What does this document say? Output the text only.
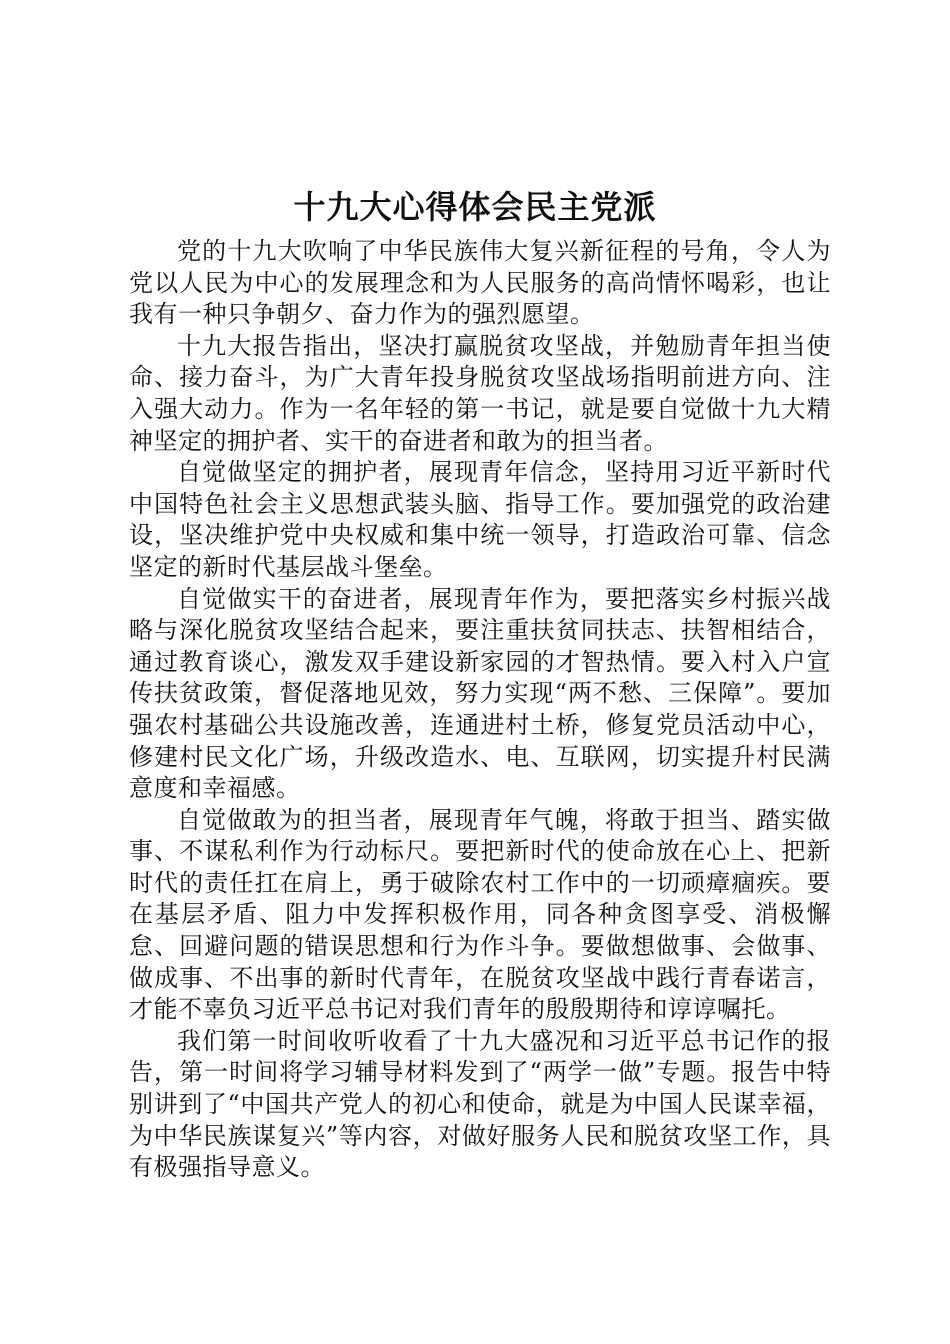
十九大心得体会民主党派

党的十九大吹响了中华民族伟大复兴新征程的号角，令人为党以人民为中心的发展理念和为人民服务的高尚情怀喝彩，也让我有一种只争朝夕、奋力作为的强烈愿望。

十九大报告指出，坚决打赢脱贫攻坚战，并勉励青年担当使命、接力奋斗，为广大青年投身脱贫攻坚战场指明前进方向、注入强大动力。作为一名年轻的第一书记，就是要自觉做十九大精神坚定的拥护者、实干的奋进者和敢为的担当者。

自觉做坚定的拥护者，展现青年信念，坚持用习近平新时代中国特色社会主义思想武装头脑、指导工作。要加强党的政治建设，坚决维护党中央权威和集中统一领导，打造政治可靠、信念坚定的新时代基层战斗堡垒。

自觉做实干的奋进者，展现青年作为，要把落实乡村振兴战略与深化脱贫攻坚结合起来，要注重扶贫同扶志、扶智相结合，通过教育谈心，激发双手建设新家园的才智热情。要入村入户宣传扶贫政策，督促落地见效，努力实现“两不愁、三保障”。要加强农村基础公共设施改善，连通进村土桥，修复党员活动中心，修建村民文化广场，升级改造水、电、互联网，切实提升村民满意度和幸福感。

自觉做敢为的担当者，展现青年气魄，将敢于担当、踏实做事、不谋私利作为行动标尺。要把新时代的使命放在心上、把新时代的责任扛在肩上，勇于破除农村工作中的一切顽瘴痼疾。要在基层矛盾、阻力中发挥积极作用，同各种贪图享受、消极懈怠、回避问题的错误思想和行为作斗争。要做想做事、会做事、做成事、不出事的新时代青年，在脱贫攻坚战中践行青春诺言，才能不辜负习近平总书记对我们青年的殷殷期待和谆谆嘱托。

我们第一时间收听收看了十九大盛况和习近平总书记作的报告，第一时间将学习辅导材料发到了“两学一做”专题。报告中特别讲到了“中国共产党人的初心和使命，就是为中国人民谋幸福，为中华民族谋复兴”等内容，对做好服务人民和脱贫攻坚工作，具有极强指导意义。
